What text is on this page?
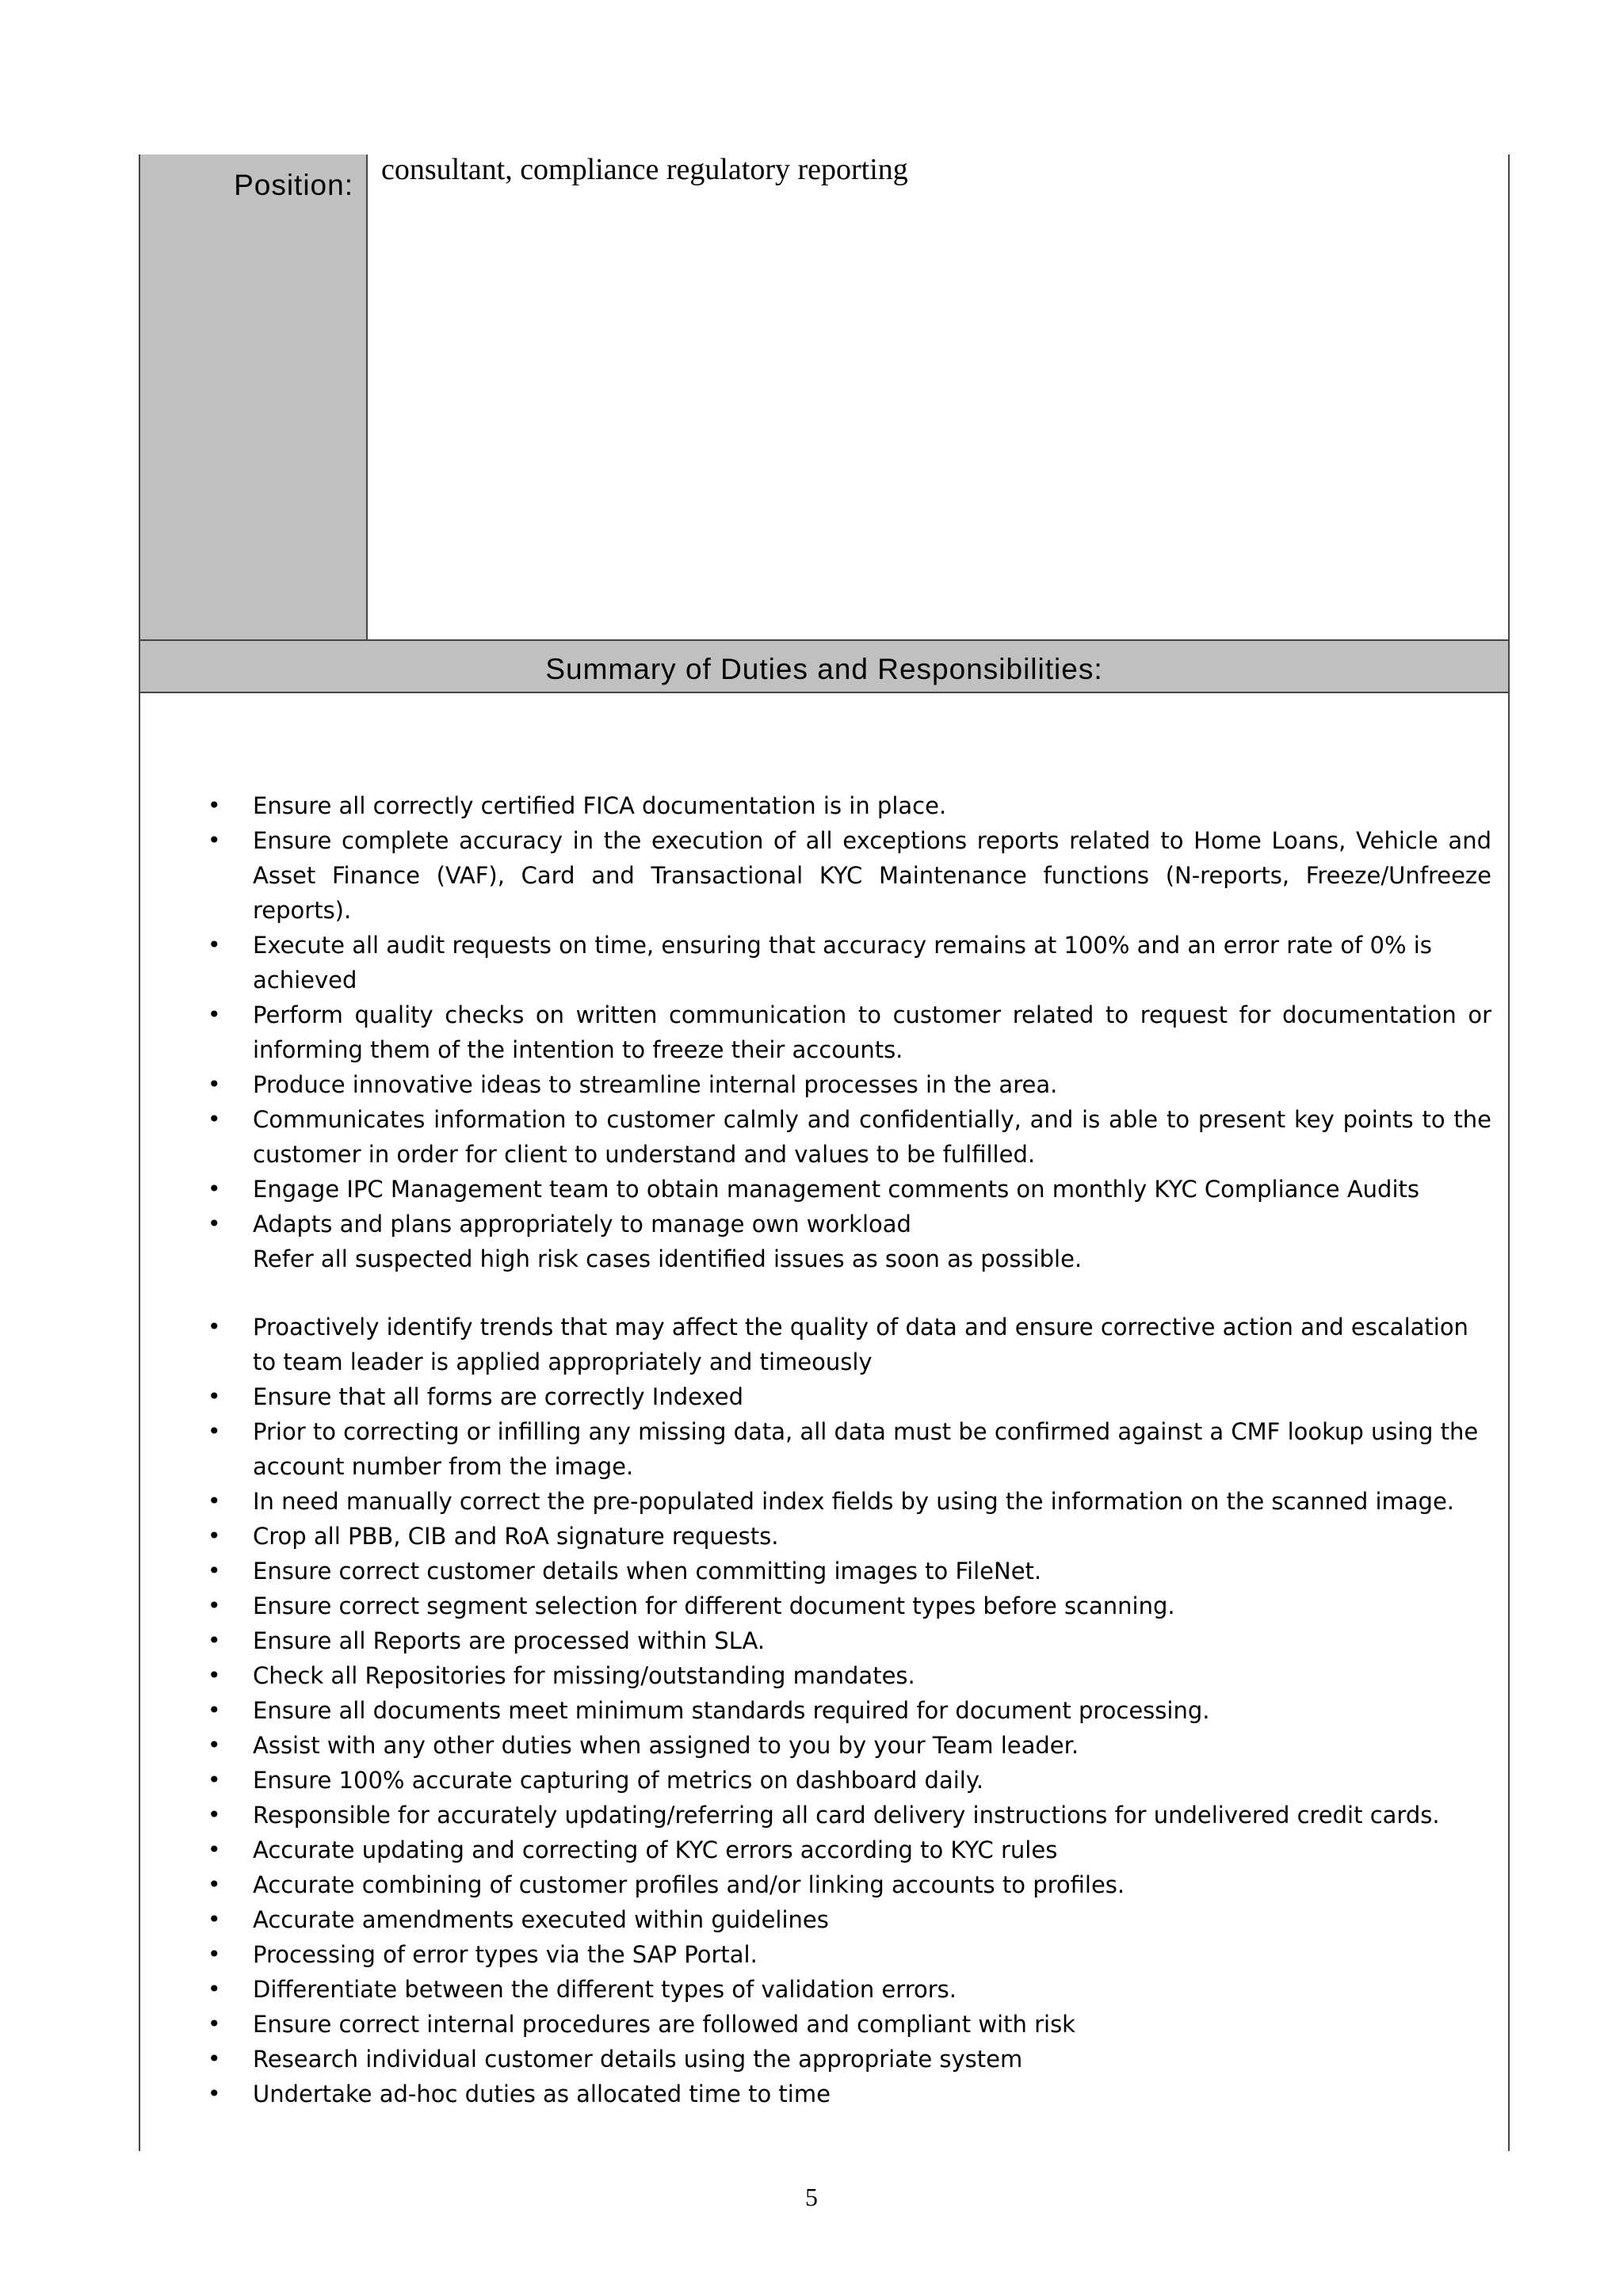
Position: consultant, compliance regulatory reporting
Summary of Duties and Responsibilities:
• Ensure all correctly certified FICA documentation is in place.
• Ensure complete accuracy in the execution of all exceptions reports related to Home Loans, Vehicle and Asset Finance (VAF), Card and Transactional KYC Maintenance functions (N-reports, Freeze/Unfreeze reports).
• Execute all audit requests on time, ensuring that accuracy remains at 100% and an error rate of 0% is achieved
• Perform quality checks on written communication to customer related to request for documentation or informing them of the intention to freeze their accounts.
• Produce innovative ideas to streamline internal processes in the area.
• Communicates information to customer calmly and confidentially, and is able to present key points to the customer in order for client to understand and values to be fulfilled.
• Engage IPC Management team to obtain management comments on monthly KYC Compliance Audits
• Adapts and plans appropriately to manage own workload
Refer all suspected high risk cases identified issues as soon as possible.
• Proactively identify trends that may affect the quality of data and ensure corrective action and escalation to team leader is applied appropriately and timeously
• Ensure that all forms are correctly Indexed
• Prior to correcting or infilling any missing data, all data must be confirmed against a CMF lookup using the account number from the image.
• In need manually correct the pre-populated index fields by using the information on the scanned image.
• Crop all PBB, CIB and RoA signature requests.
• Ensure correct customer details when committing images to FileNet.
• Ensure correct segment selection for different document types before scanning.
• Ensure all Reports are processed within SLA.
• Check all Repositories for missing/outstanding mandates.
• Ensure all documents meet minimum standards required for document processing.
• Assist with any other duties when assigned to you by your Team leader.
• Ensure 100% accurate capturing of metrics on dashboard daily.
• Responsible for accurately updating/referring all card delivery instructions for undelivered credit cards.
• Accurate updating and correcting of KYC errors according to KYC rules
• Accurate combining of customer profiles and/or linking accounts to profiles.
• Accurate amendments executed within guidelines
• Processing of error types via the SAP Portal.
• Differentiate between the different types of validation errors.
• Ensure correct internal procedures are followed and compliant with risk
• Research individual customer details using the appropriate system
• Undertake ad-hoc duties as allocated time to time
5
